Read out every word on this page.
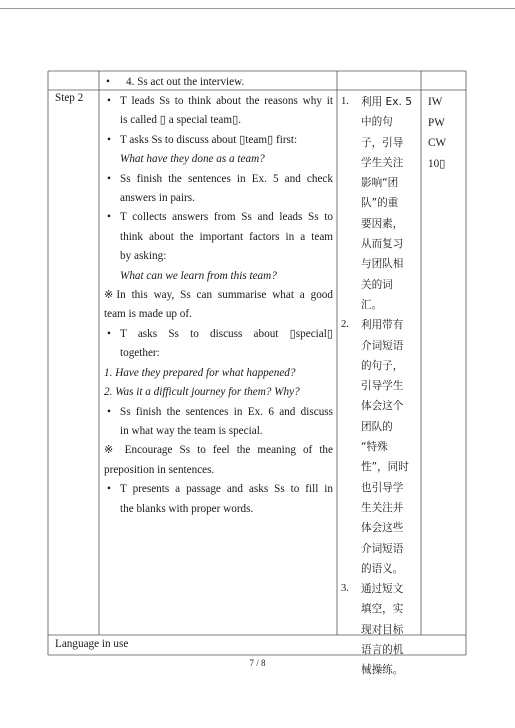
• 4. Ss act out the interview.
Step 2 • T leads Ss to think about the reasons why it
is called ▯ a special team▯.
• T asks Ss to discuss about ▯team▯ first:
What have they done as a team?
• Ss finish the sentences in Ex. 5 and check
answers in pairs.
• T collects answers from Ss and leads Ss to
think about the important factors in a team
by asking:
What can we learn from this team?
※In this way, Ss can summarise what a good
team is made up of.
• T asks Ss to discuss about ▯special▯
together:
1. Have they prepared for what happened?
2. Was it a difficult journey for them? Why?
• Ss finish the sentences in Ex. 6 and discuss
in what way the team is special.
※ Encourage Ss to feel the meaning of the
preposition in sentences.
• T presents a passage and asks Ss to fill in
the blanks with proper words.
1. 利用 Ex. 5
中的句
子，引导
学生关注
影响“团
队”的重
要因素，
从而复习
与团队相
关的词
汇。
2. 利用带有
介词短语
的句子，
引导学生
体会这个
团队的
“特殊
性”，同时
也引导学
生关注并
体会这些
介词短语
的语义。
3. 通过短文
填空，实
现对目标
语言的机
械操练。
IW
PW
CW
10▯
Language in use
7 / 8
